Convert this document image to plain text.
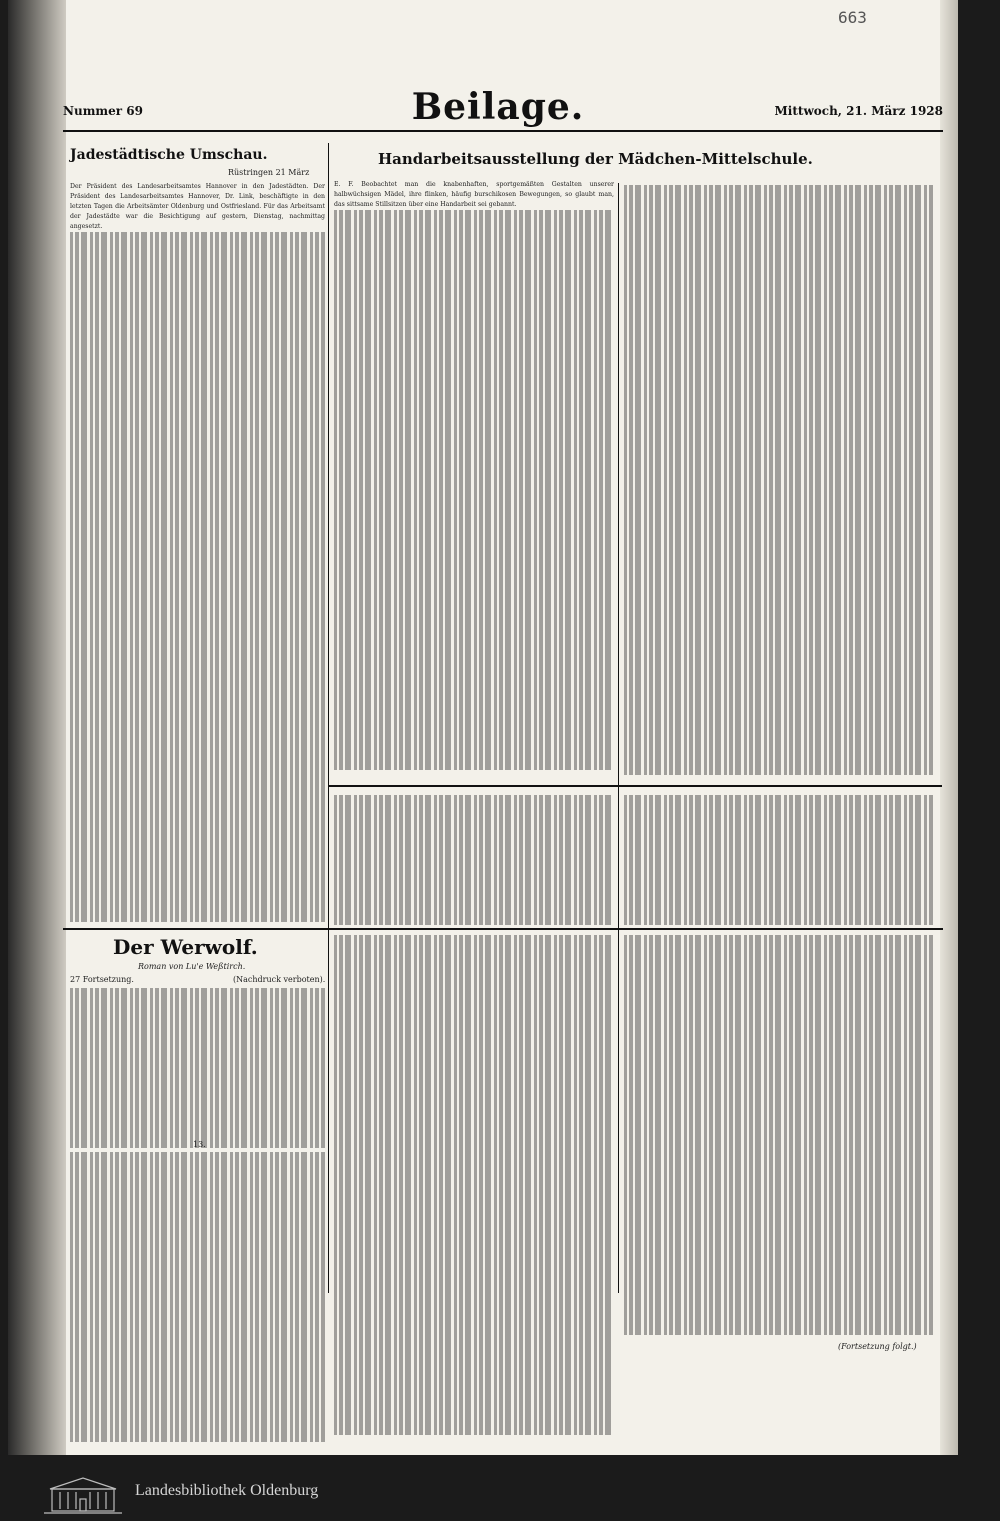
663
Nummer 69	Beilage.	Mittwoch, 21. März 1928
Jadestädtische Umschau.
Rüstringen 21 März
Der Präsident des Landesarbeitsamtes Hannover in den Jadestädten. Der Präsident des Landesarbeitsamtes Hannover, Dr. Link, beschäftigte in den letzten Tagen die Arbeitsämter Oldenburg und Ostfriesland. Für das Arbeitsamt der Jadestädte war die Besichtigung auf gestern, Dienstag, nachmittag angesetzt.
Handarbeitsausstellung der Mädchen-Mittelschule.
E. F. Beobachtet man die knabenhaften, sportgemäßten Gestalten unserer halbwüchsigen Mädel, ihre flinken, häufig burschikosen Bewegungen, so glaubt man, das sittsame Stillsitzen über eine Handarbeit sei gebannt.
Der Werwolf.
Roman von Lu'e Weßtirch.
27 Fortsetzung.	(Nachdruck verboten).
13.
(Fortsetzung folgt.)
Landesbibliothek Oldenburg
